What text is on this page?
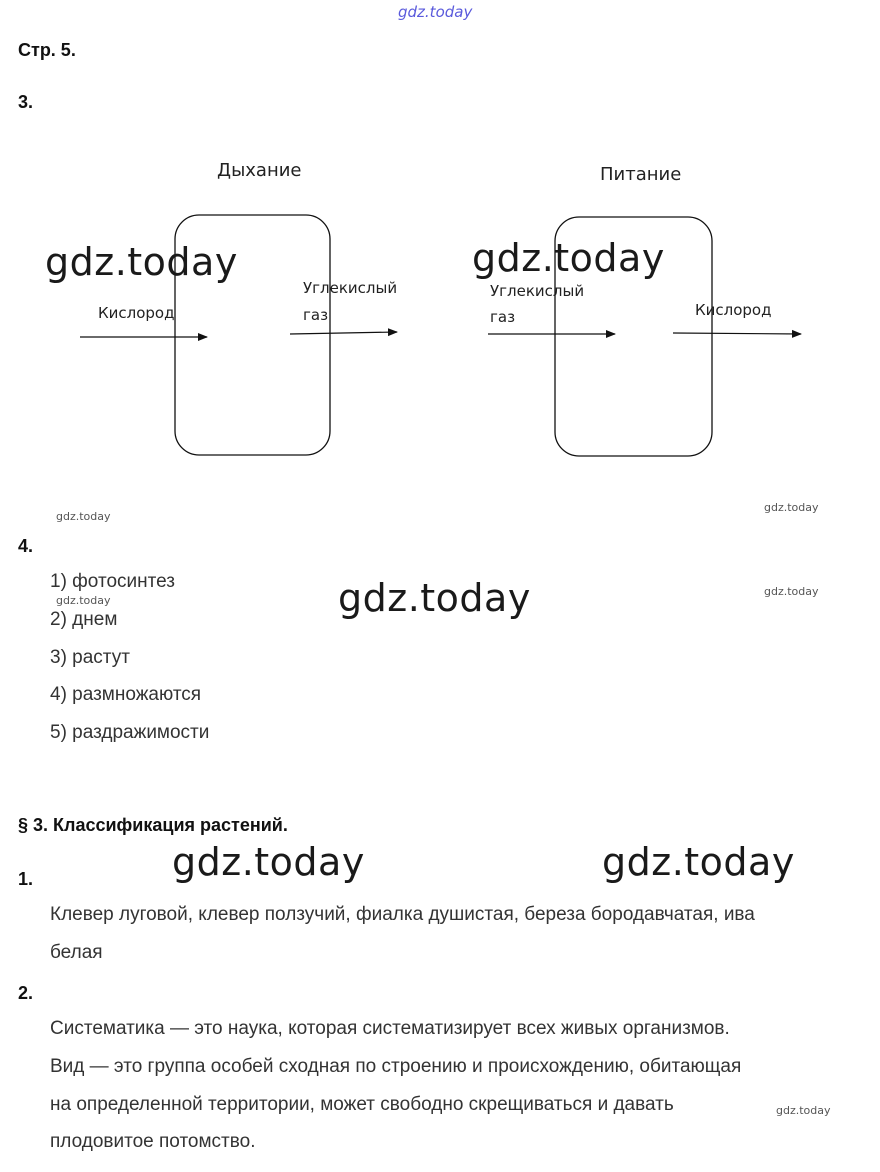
gdz.today
Стр. 5.
3.
Дыхание	Питание
Кислород
Углекислый
газ
Углекислый
газ	Кислород
gdz.today	gdz.today
gdz.today
gdz.today	gdz.today
gdz.today
gdz.today
gdz.today
gdz.today
gdz.today
4.
1) фотосинтез
2) днем
3) растут
4) размножаются
5) раздражимости
§ 3. Классификация растений.
1.
Клевер луговой, клевер ползучий, фиалка душистая, береза бородавчатая, ива
белая
2.
Систематика — это наука, которая систематизирует всех живых организмов.
Вид — это группа особей сходная по строению и происхождению, обитающая
на определенной территории, может свободно скрещиваться и давать
плодовитое потомство.
